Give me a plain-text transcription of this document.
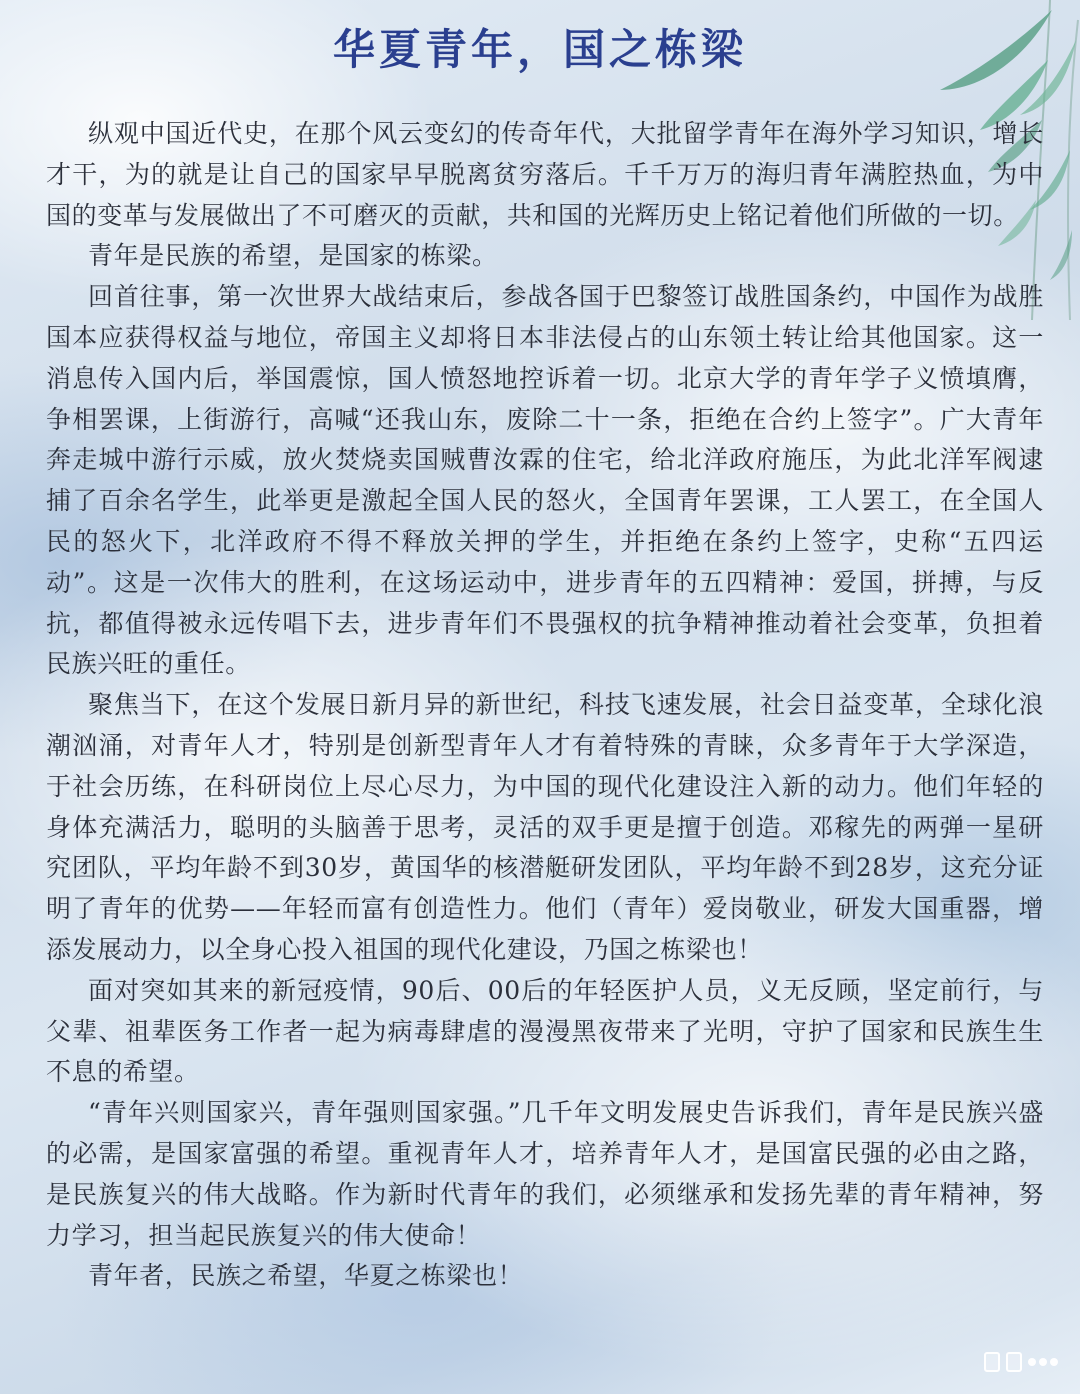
华夏青年，国之栋梁

纵观中国近代史，在那个风云变幻的传奇年代，大批留学青年在海外学习知识，增长才干，为的就是让自己的国家早早脱离贫穷落后。千千万万的海归青年满腔热血，为中国的变革与发展做出了不可磨灭的贡献，共和国的光辉历史上铭记着他们所做的一切。

青年是民族的希望，是国家的栋梁。

回首往事，第一次世界大战结束后，参战各国于巴黎签订战胜国条约，中国作为战胜国本应获得权益与地位，帝国主义却将日本非法侵占的山东领土转让给其他国家。这一消息传入国内后，举国震惊，国人愤怒地控诉着一切。北京大学的青年学子义愤填膺，争相罢课，上街游行，高喊“还我山东，废除二十一条，拒绝在合约上签字”。广大青年奔走城中游行示威，放火焚烧卖国贼曹汝霖的住宅，给北洋政府施压，为此北洋军阀逮捕了百余名学生，此举更是激起全国人民的怒火，全国青年罢课，工人罢工，在全国人民的怒火下，北洋政府不得不释放关押的学生，并拒绝在条约上签字，史称“五四运动”。这是一次伟大的胜利，在这场运动中，进步青年的五四精神：爱国，拼搏，与反抗，都值得被永远传唱下去，进步青年们不畏强权的抗争精神推动着社会变革，负担着民族兴旺的重任。

聚焦当下，在这个发展日新月异的新世纪，科技飞速发展，社会日益变革，全球化浪潮汹涌，对青年人才，特别是创新型青年人才有着特殊的青睐，众多青年于大学深造，于社会历练，在科研岗位上尽心尽力，为中国的现代化建设注入新的动力。他们年轻的身体充满活力，聪明的头脑善于思考，灵活的双手更是擅于创造。邓稼先的两弹一星研究团队，平均年龄不到30岁，黄国华的核潜艇研发团队，平均年龄不到28岁，这充分证明了青年的优势——年轻而富有创造性力。他们（青年）爱岗敬业，研发大国重器，增添发展动力，以全身心投入祖国的现代化建设，乃国之栋梁也！

面对突如其来的新冠疫情，90后、00后的年轻医护人员，义无反顾，坚定前行，与父辈、祖辈医务工作者一起为病毒肆虐的漫漫黑夜带来了光明，守护了国家和民族生生不息的希望。

“青年兴则国家兴，青年强则国家强。”几千年文明发展史告诉我们，青年是民族兴盛的必需，是国家富强的希望。重视青年人才，培养青年人才，是国富民强的必由之路，是民族复兴的伟大战略。作为新时代青年的我们，必须继承和发扬先辈的青年精神，努力学习，担当起民族复兴的伟大使命！

青年者，民族之希望，华夏之栋梁也！
